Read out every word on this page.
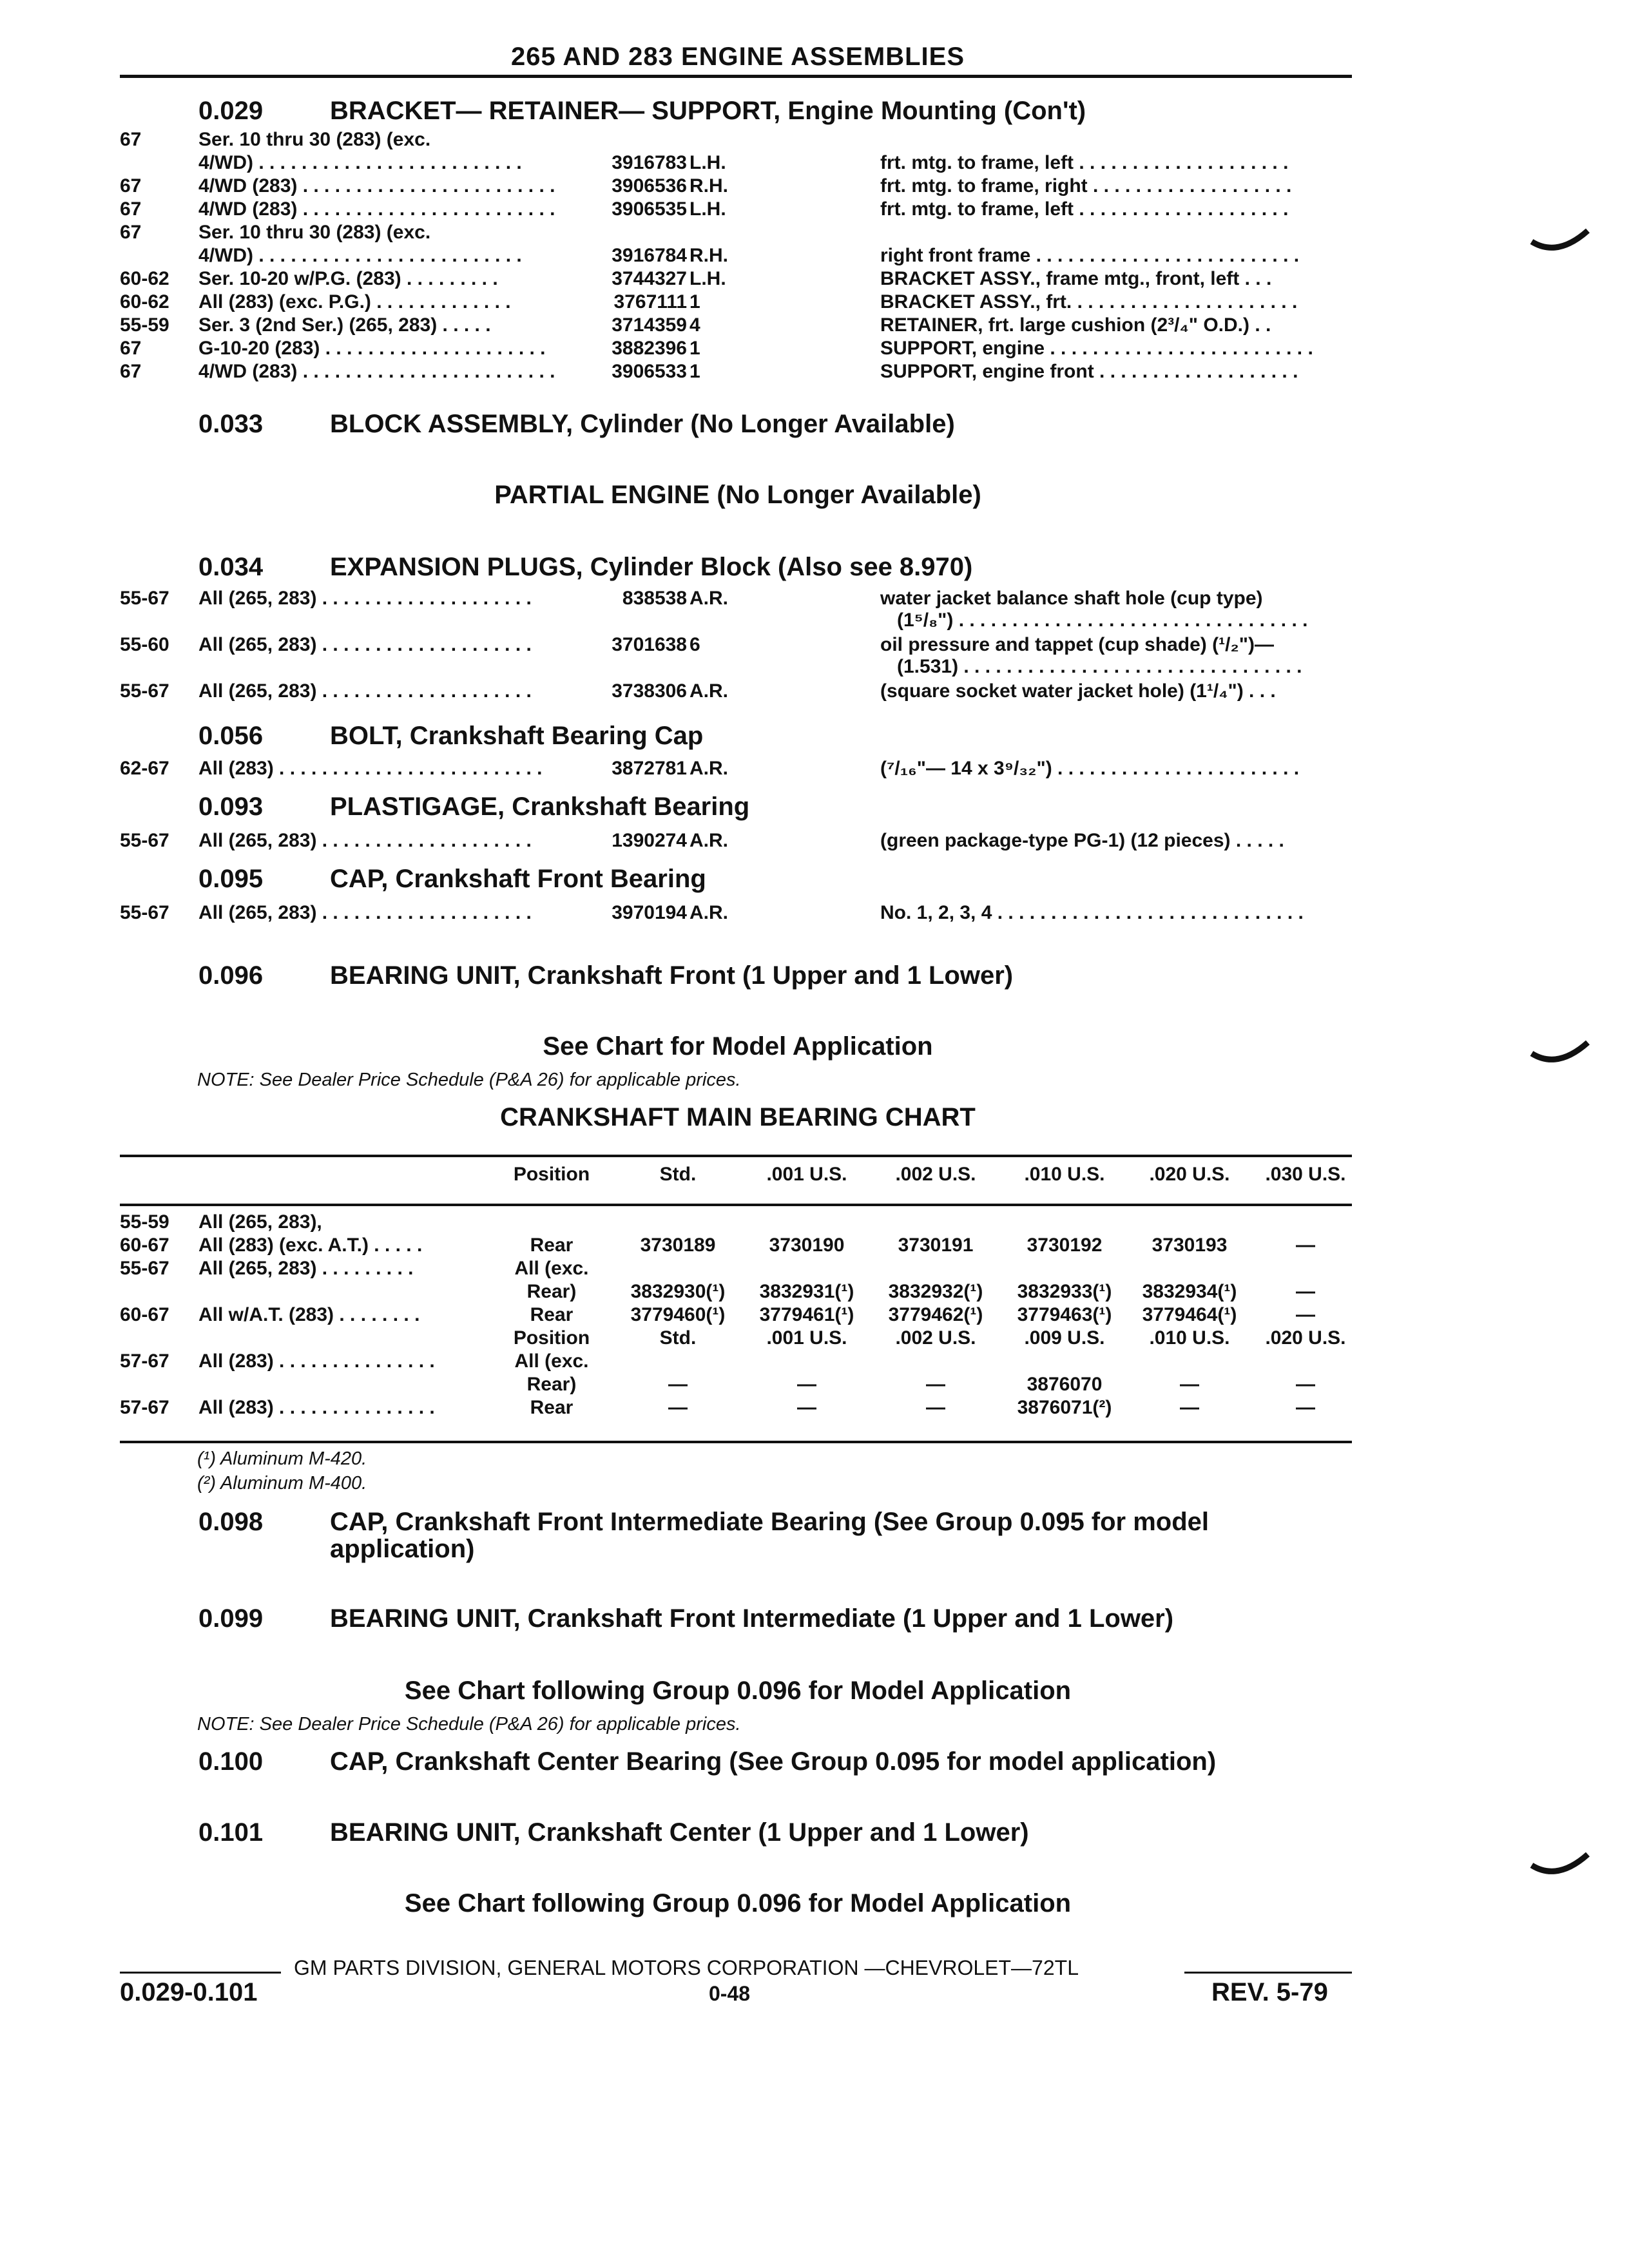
265 AND 283 ENGINE ASSEMBLIES
0.029	BRACKET— RETAINER— SUPPORT, Engine Mounting (Con't)
67	Ser. 10 thru 30 (283) (exc.
4/WD) . . . . . . . . . . . . . . . . . . . . . . . . .	3916783 L.H.	frt. mtg. to frame, left . . . . . . . . . . . . . . . . . . . .
67	4/WD (283) . . . . . . . . . . . . . . . . . . . . . . . .	3906536 R.H.	frt. mtg. to frame, right . . . . . . . . . . . . . . . . . . .
67	4/WD (283) . . . . . . . . . . . . . . . . . . . . . . . .	3906535 L.H.	frt. mtg. to frame, left . . . . . . . . . . . . . . . . . . . .
67	Ser. 10 thru 30 (283) (exc.
4/WD) . . . . . . . . . . . . . . . . . . . . . . . . .	3916784 R.H.	right front frame . . . . . . . . . . . . . . . . . . . . . . . . .
60-62 Ser. 10-20 w/P.G. (283) . . . . . . . . .	3744327 L.H.	BRACKET ASSY., frame mtg., front, left . . .
60-62 All (283) (exc. P.G.) . . . . . . . . . . . . .	3767111 1	BRACKET ASSY., frt. . . . . . . . . . . . . . . . . . . . . .
55-59 Ser. 3 (2nd Ser.) (265, 283) . . . . .	3714359 4	RETAINER, frt. large cushion (2³/₄" O.D.) . .
67	G-10-20 (283) . . . . . . . . . . . . . . . . . . . . .	3882396 1	SUPPORT, engine . . . . . . . . . . . . . . . . . . . . . . . . .
67	4/WD (283) . . . . . . . . . . . . . . . . . . . . . . . .	3906533 1	SUPPORT, engine front . . . . . . . . . . . . . . . . . . .
0.033	BLOCK ASSEMBLY, Cylinder (No Longer Available)
PARTIAL ENGINE (No Longer Available)
0.034	EXPANSION PLUGS, Cylinder Block (Also see 8.970)
55-67 All (265, 283) . . . . . . . . . . . . . . . . . . . .	838538 A.R.	water jacket balance shaft hole (cup type)
(1⁵/₈") . . . . . . . . . . . . . . . . . . . . . . . . . . . . . . . . .
55-60 All (265, 283) . . . . . . . . . . . . . . . . . . . .	3701638 6	oil pressure and tappet (cup shade) (¹/₂")—
(1.531) . . . . . . . . . . . . . . . . . . . . . . . . . . . . . . . .
55-67 All (265, 283) . . . . . . . . . . . . . . . . . . . .	3738306 A.R.	(square socket water jacket hole) (1¹/₄") . . .
0.056	BOLT, Crankshaft Bearing Cap
62-67 All (283) . . . . . . . . . . . . . . . . . . . . . . . . .	3872781 A.R.	(⁷/₁₆"— 14 x 3⁹/₃₂") . . . . . . . . . . . . . . . . . . . . . . .
0.093	PLASTIGAGE, Crankshaft Bearing
55-67 All (265, 283) . . . . . . . . . . . . . . . . . . . .	1390274 A.R.	(green package-type PG-1) (12 pieces) . . . . .
0.095	CAP, Crankshaft Front Bearing
55-67 All (265, 283) . . . . . . . . . . . . . . . . . . . .	3970194 A.R.	No. 1, 2, 3, 4 . . . . . . . . . . . . . . . . . . . . . . . . . . . . .
0.096	BEARING UNIT, Crankshaft Front (1 Upper and 1 Lower)
See Chart for Model Application
NOTE: See Dealer Price Schedule (P&A 26) for applicable prices.
CRANKSHAFT MAIN BEARING CHART
Position	Std.	.001 U.S.	.002 U.S.	.010 U.S.	.020 U.S.	.030 U.S.
55-59 All (265, 283),
60-67 All (283) (exc. A.T.) . . . . .	Rear	3730189	3730190	3730191	3730192	3730193	—
55-67 All (265, 283) . . . . . . . . .	All (exc.
Rear)	3832930(¹)	3832931(¹)	3832932(¹)	3832933(¹)	3832934(¹)	—
60-67 All w/A.T. (283) . . . . . . . .	Rear	3779460(¹)	3779461(¹)	3779462(¹)	3779463(¹)	3779464(¹)	—
Position	Std.	.001 U.S.	.002 U.S.	.009 U.S.	.010 U.S.	.020 U.S.
57-67 All (283) . . . . . . . . . . . . . . .	All (exc.
Rear)	—	—	—	3876070	—	—
57-67 All (283) . . . . . . . . . . . . . . .	Rear	—	—	—	3876071(²)	—	—
(¹) Aluminum M-420.
(²) Aluminum M-400.
0.098	CAP, Crankshaft Front Intermediate Bearing (See Group 0.095 for model
application)
0.099	BEARING UNIT, Crankshaft Front Intermediate (1 Upper and 1 Lower)
See Chart following Group 0.096 for Model Application
NOTE: See Dealer Price Schedule (P&A 26) for applicable prices.
0.100	CAP, Crankshaft Center Bearing (See Group 0.095 for model application)
0.101	BEARING UNIT, Crankshaft Center (1 Upper and 1 Lower)
See Chart following Group 0.096 for Model Application
GM PARTS DIVISION, GENERAL MOTORS CORPORATION —CHEVROLET—72TL
0.029-0.101	0-48	REV. 5-79
